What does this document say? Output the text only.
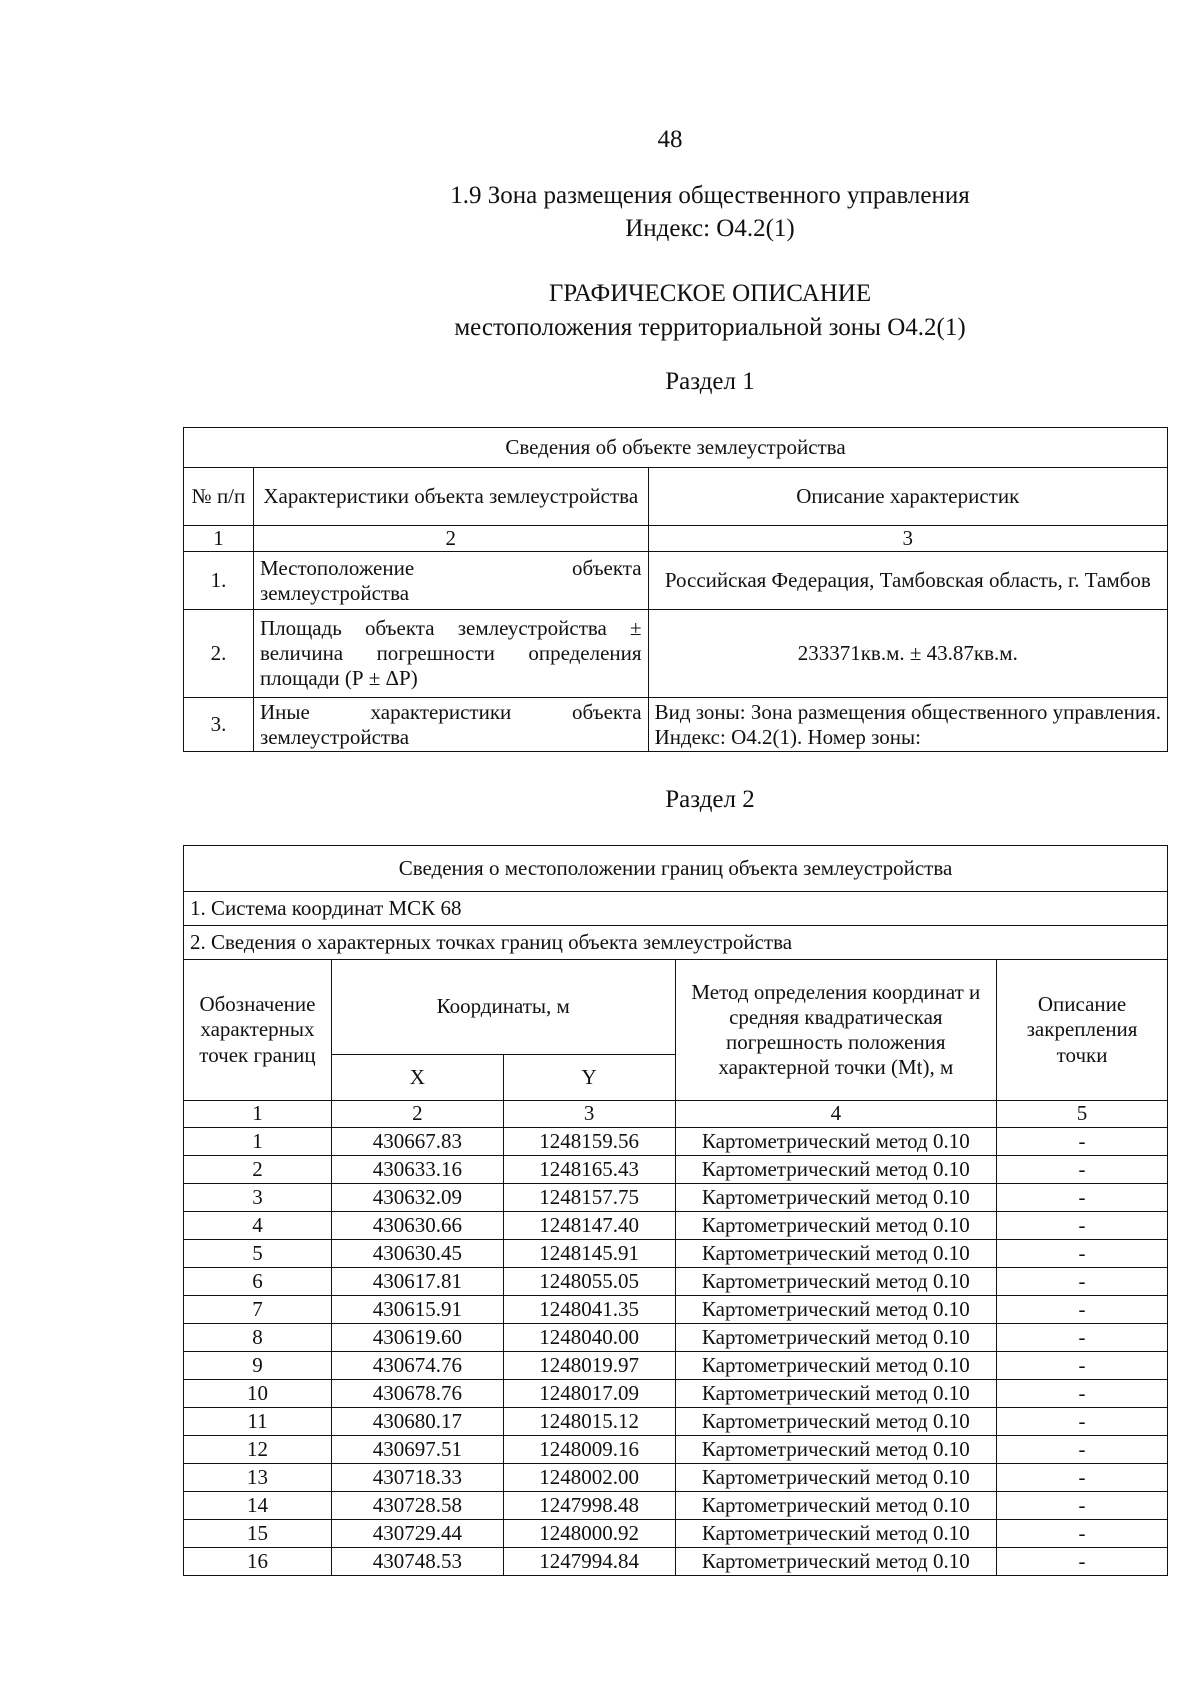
48
1.9 Зона размещения общественного управления
Индекс: О4.2(1)
ГРАФИЧЕСКОЕ ОПИСАНИЕ
местоположения территориальной зоны О4.2(1)
Раздел 1
Сведения об объекте землеустройства		
№ п/п	Характеристики объекта землеустройства	Описание характеристик
1	2	3
1.	Местоположение объекта землеустройства	Российская Федерация, Тамбовская область, г. Тамбов
2.	Площадь объекта землеустройства ± величина погрешности определения площади (Р ± ΔР)	233371кв.м. ± 43.87кв.м.
3.	Иные характеристики объекта землеустройства	Вид зоны: Зона размещения общественного управления. Индекс: О4.2(1). Номер зоны:
Раздел 2
Сведения о местоположении границ объекта землеустройства				
1. Система координат МСК 68				
2. Сведения о характерных точках границ объекта землеустройства				
Обозначение характерных точек границ	Координаты, м		Метод определения координат и средняя квадратическая погрешность положения характерной точки (Mt), м	Описание закрепления точки
	X	Y		
1	2	3	4	5
1	430667.83	1248159.56	Картометрический метод 0.10	-
2	430633.16	1248165.43	Картометрический метод 0.10	-
3	430632.09	1248157.75	Картометрический метод 0.10	-
4	430630.66	1248147.40	Картометрический метод 0.10	-
5	430630.45	1248145.91	Картометрический метод 0.10	-
6	430617.81	1248055.05	Картометрический метод 0.10	-
7	430615.91	1248041.35	Картометрический метод 0.10	-
8	430619.60	1248040.00	Картометрический метод 0.10	-
9	430674.76	1248019.97	Картометрический метод 0.10	-
10	430678.76	1248017.09	Картометрический метод 0.10	-
11	430680.17	1248015.12	Картометрический метод 0.10	-
12	430697.51	1248009.16	Картометрический метод 0.10	-
13	430718.33	1248002.00	Картометрический метод 0.10	-
14	430728.58	1247998.48	Картометрический метод 0.10	-
15	430729.44	1248000.92	Картометрический метод 0.10	-
16	430748.53	1247994.84	Картометрический метод 0.10	-
